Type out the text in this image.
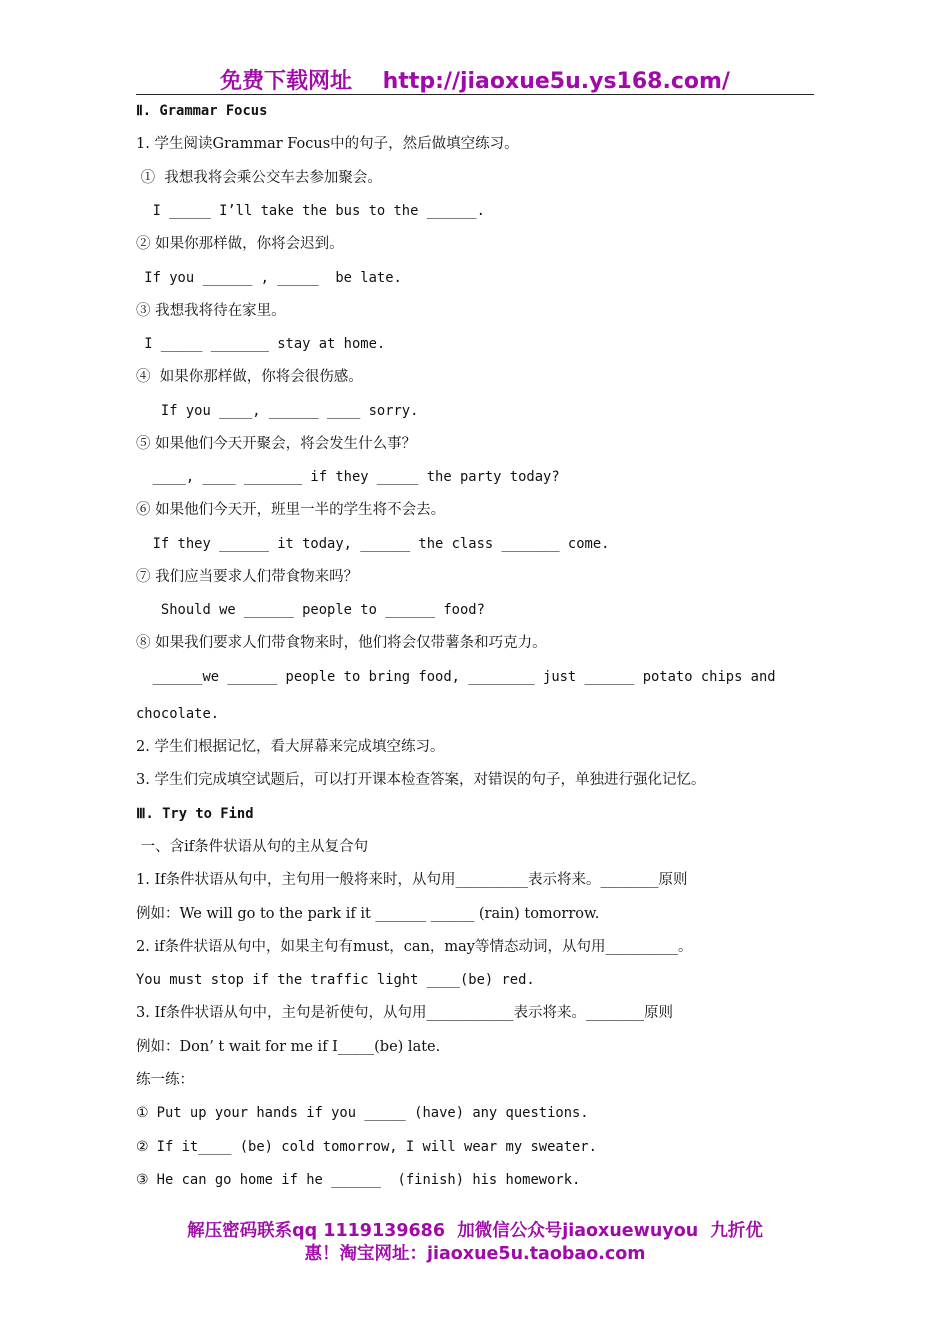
免费下载网址    http://jiaoxue5u.ys168.com/
Ⅱ. Grammar Focus
1. 学生阅读Grammar Focus中的句子，然后做填空练习。
①  我想我将会乘公交车去参加聚会。
I _____ I’ll take the bus to the ______.
② 如果你那样做，你将会迟到。
If you ______ , _____  be late.
③ 我想我将待在家里。
I _____ _______ stay at home.
④  如果你那样做，你将会很伤感。
If you ____, ______ ____ sorry.
⑤ 如果他们今天开聚会，将会发生什么事？
____, ____ _______ if they _____ the party today?
⑥ 如果他们今天开，班里一半的学生将不会去。
If they ______ it today, ______ the class _______ come.
⑦ 我们应当要求人们带食物来吗？
Should we ______ people to ______ food?
⑧ 如果我们要求人们带食物来时，他们将会仅带薯条和巧克力。
______we ______ people to bring food, ________ just ______ potato chips and
chocolate.
2. 学生们根据记忆，看大屏幕来完成填空练习。
3. 学生们完成填空试题后，可以打开课本检查答案，对错误的句子，单独进行强化记忆。
Ⅲ. Try to Find
一、含if条件状语从句的主从复合句
1. If条件状语从句中，主句用一般将来时，从句用__________表示将来。________原则
例如：We will go to the park if it _______ ______ (rain) tomorrow.
2. if条件状语从句中，如果主句有must，can，may等情态动词，从句用__________。
You must stop if the traffic light ____(be) red.
3. If条件状语从句中，主句是祈使句，从句用____________表示将来。________原则
例如：Don’ t wait for me if I_____(be) late.
练一练：
① Put up your hands if you _____ (have) any questions.
② If it____ (be) cold tomorrow, I will wear my sweater.
③ He can go home if he ______  (finish) his homework.
解压密码联系qq 1119139686  加微信公众号jiaoxuewuyou  九折优
惠！淘宝网址：jiaoxue5u.taobao.com
